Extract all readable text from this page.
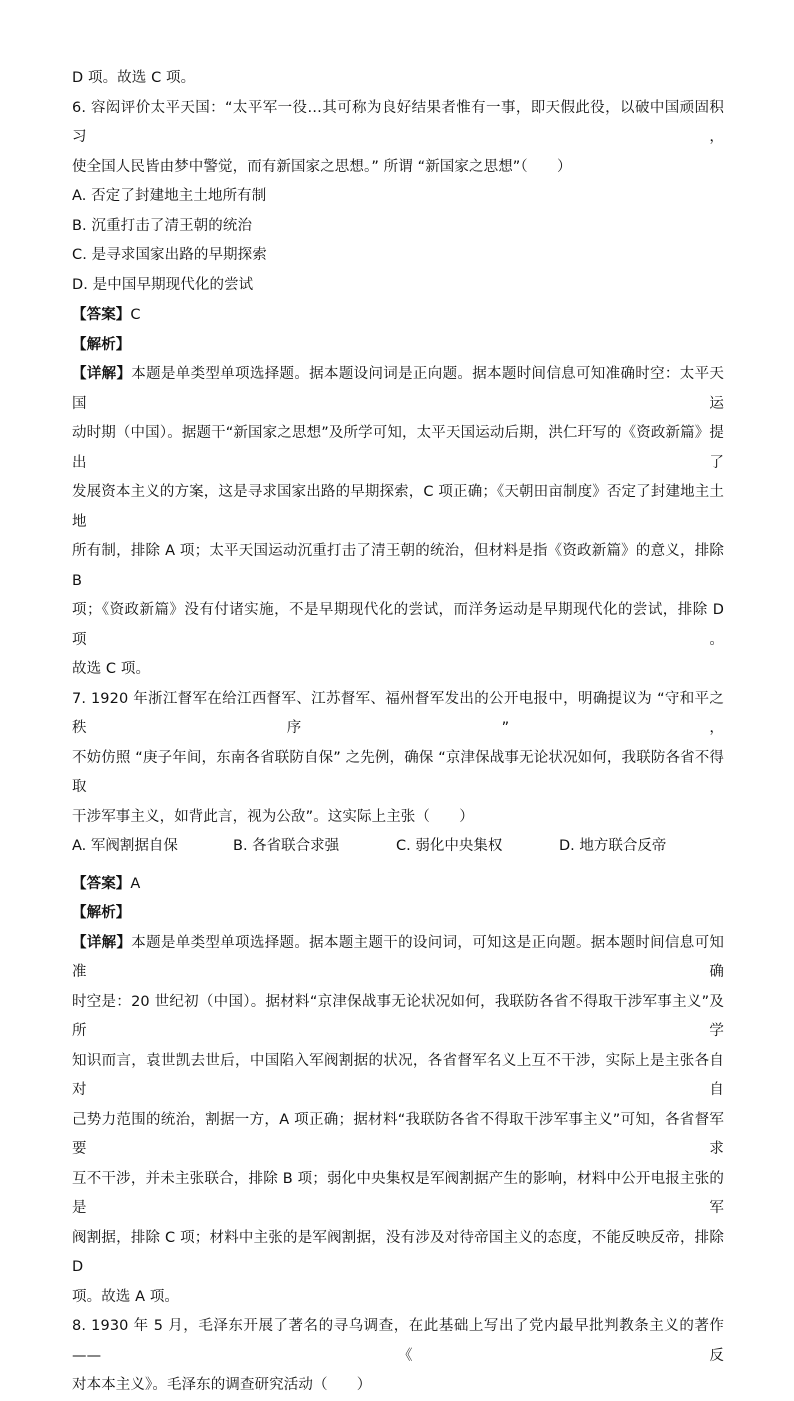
D 项。故选 C 项。
6. 容闳评价太平天国：“太平军一役…其可称为良好结果者惟有一事，即天假此役，以破中国顽固积习，
使全国人民皆由梦中警觉，而有新国家之思想。” 所谓 “新国家之思想”（　　）
A. 否定了封建地主土地所有制
B. 沉重打击了清王朝的统治
C. 是寻求国家出路的早期探索
D. 是中国早期现代化的尝试
【答案】C
【解析】
【详解】本题是单类型单项选择题。据本题设问词是正向题。据本题时间信息可知准确时空：太平天国运
动时期（中国）。据题干“新国家之思想”及所学可知，太平天国运动后期，洪仁玕写的《资政新篇》提出了
发展资本主义的方案，这是寻求国家出路的早期探索，C 项正确；《天朝田亩制度》否定了封建地主土地
所有制，排除 A 项；太平天国运动沉重打击了清王朝的统治，但材料是指《资政新篇》的意义，排除 B
项；《资政新篇》没有付诸实施，不是早期现代化的尝试，而洋务运动是早期现代化的尝试，排除 D 项。
故选 C 项。
7. 1920 年浙江督军在给江西督军、江苏督军、福州督军发出的公开电报中，明确提议为 “守和平之秩序”，
不妨仿照 “庚子年间，东南各省联防自保” 之先例，确保 “京津保战事无论状况如何，我联防各省不得取
干涉军事主义，如背此言，视为公敌”。这实际上主张（　　）
A. 军阀割据自保	B. 各省联合求强	C. 弱化中央集权	D. 地方联合反帝
【答案】A
【解析】
【详解】本题是单类型单项选择题。据本题主题干的设问词，可知这是正向题。据本题时间信息可知准确
时空是：20 世纪初（中国）。据材料“京津保战事无论状况如何，我联防各省不得取干涉军事主义”及所学
知识而言，袁世凯去世后，中国陷入军阀割据的状况，各省督军名义上互不干涉，实际上是主张各自对自
己势力范围的统治，割据一方，A 项正确；据材料“我联防各省不得取干涉军事主义”可知，各省督军要求
互不干涉，并未主张联合，排除 B 项；弱化中央集权是军阀割据产生的影响，材料中公开电报主张的是军
阀割据，排除 C 项；材料中主张的是军阀割据，没有涉及对待帝国主义的态度，不能反映反帝，排除 D
项。故选 A 项。
8. 1930 年 5 月，毛泽东开展了著名的寻乌调查，在此基础上写出了党内最早批判教条主义的著作——《反
对本本主义》。毛泽东的调查研究活动（　　）
